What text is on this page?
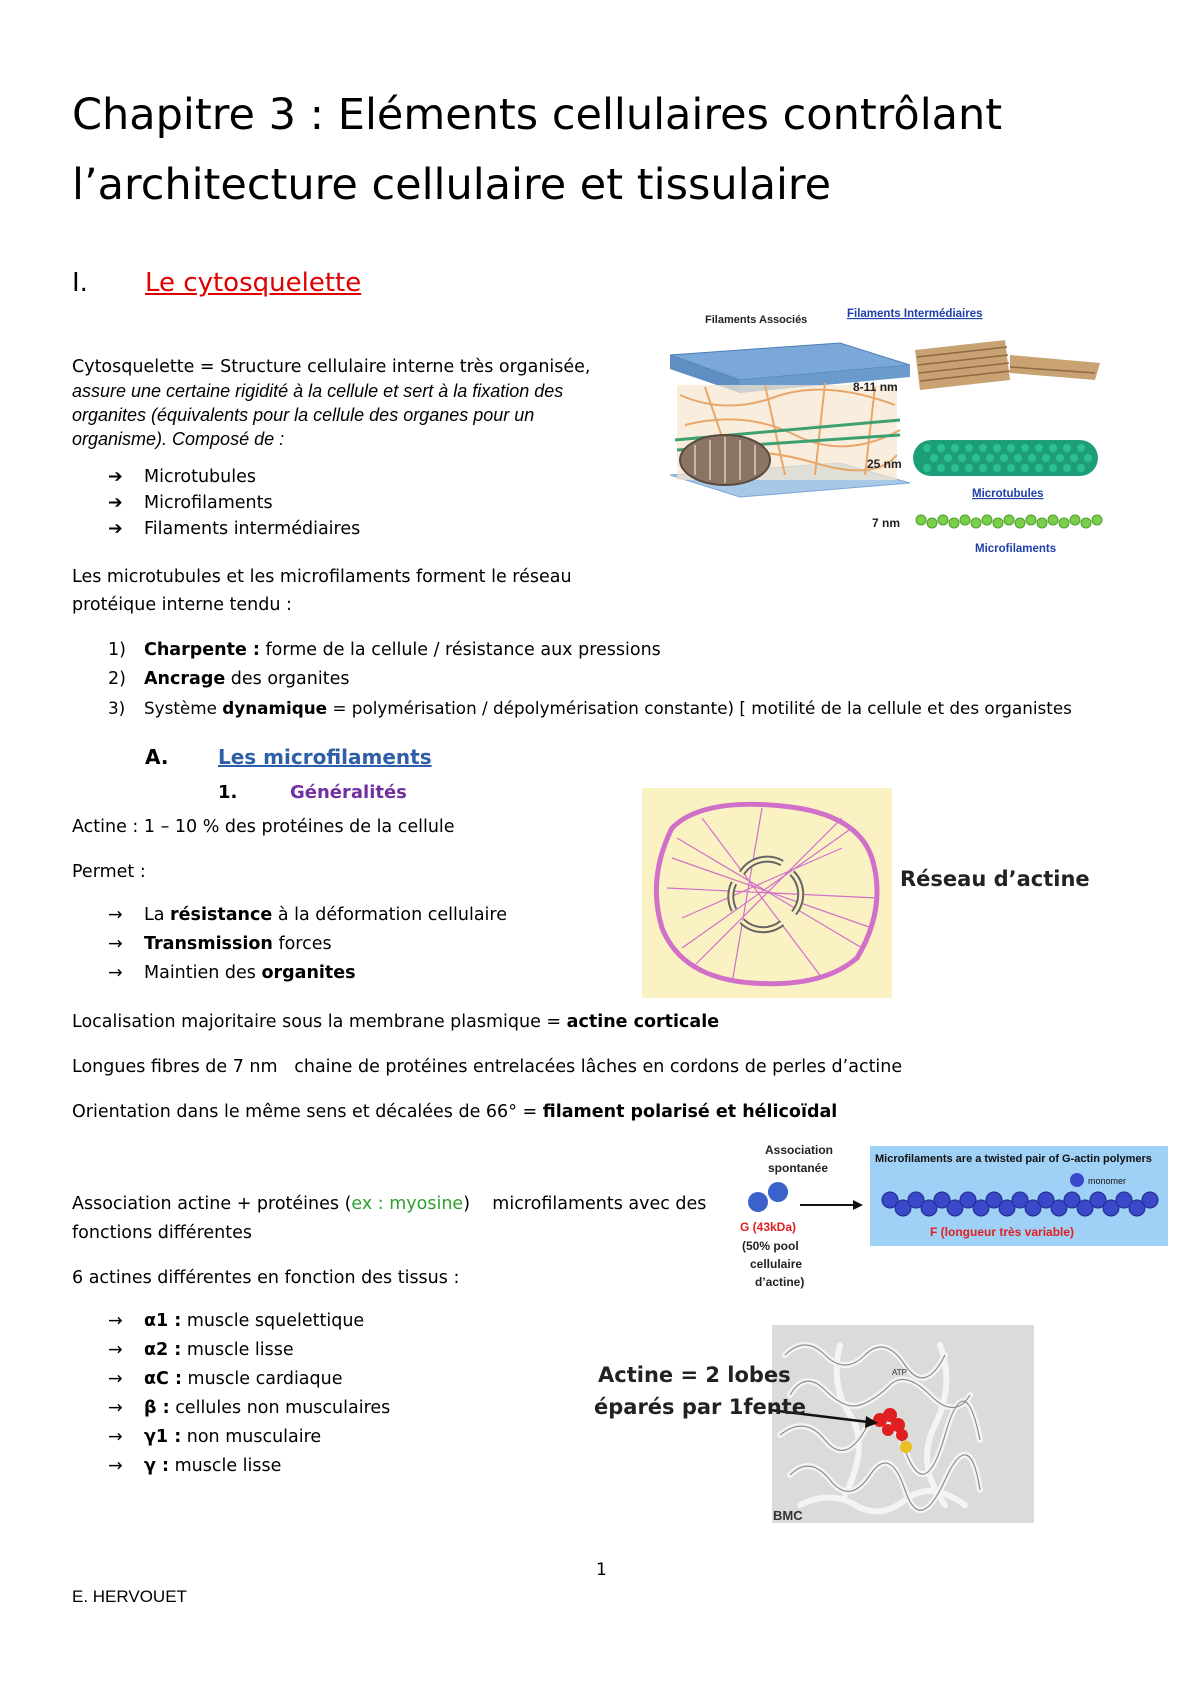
Chapitre 3 : Eléments cellulaires contrôlant
l’architecture cellulaire et tissulaire
I. Le cytosquelette
Cytosquelette = Structure cellulaire interne très organisée,
assure une certaine rigidité à la cellule et sert à la fixation des
organites (équivalents pour la cellule des organes pour un
organisme). Composé de :
➔ Microtubules
➔ Microfilaments
➔ Filaments intermédiaires
Les microtubules et les microfilaments forment le réseau
protéique interne tendu :
1) Charpente : forme de la cellule / résistance aux pressions
2) Ancrage des organites
3) Système dynamique = polymérisation / dépolymérisation constante) [ motilité de la cellule et des organistes
A. Les microfilaments
1.	Généralités
Actine : 1 – 10 % des protéines de la cellule
Permet :
→ La résistance à la déformation cellulaire
→ Transmission forces
→ Maintien des organites
Localisation majoritaire sous la membrane plasmique = actine corticale
Longues fibres de 7 nm   chaine de protéines entrelacées lâches en cordons de perles d’actine
Orientation dans le même sens et décalées de 66° = filament polarisé et hélicoïdal
Association actine + protéines (ex : myosine)    microfilaments avec des
fonctions différentes
6 actines différentes en fonction des tissus :
→ α1 : muscle squelettique
→ α2 : muscle lisse
→ αC : muscle cardiaque
→ β : cellules non musculaires
→ γ1 : non musculaire
→ γ : muscle lisse
Filaments Associés	Filaments Intermédiaires
8-11 nm
25 nm
7 nm
Microtubules
Microfilaments
Réseau d’actine
Association
spontanée
G (43kDa)
(50% pool
cellulaire
d’actine)
Microfilaments are a twisted pair of G-actin polymers
monomer
F (longueur très variable)
ATP
BMC
Actine = 2 lobes
éparés par 1fente
1
E. HERVOUET
